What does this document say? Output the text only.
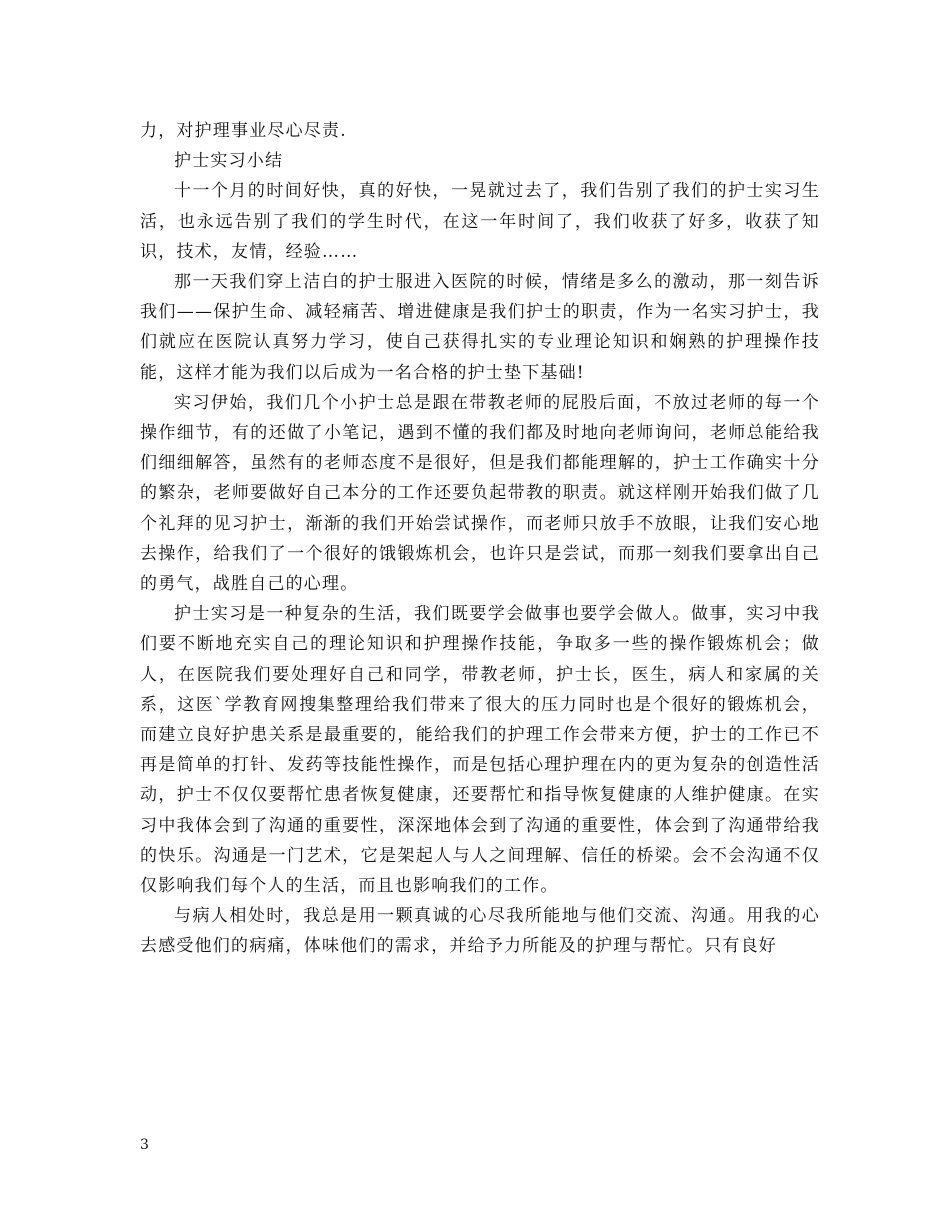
力，对护理事业尽心尽责.

护士实习小结

十一个月的时间好快，真的好快，一晃就过去了，我们告别了我们的护士实习生活，也永远告别了我们的学生时代，在这一年时间了，我们收获了好多，收获了知识，技术，友情，经验……

那一天我们穿上洁白的护士服进入医院的时候，情绪是多么的激动，那一刻告诉我们——保护生命、减轻痛苦、增进健康是我们护士的职责，作为一名实习护士，我们就应在医院认真努力学习，使自己获得扎实的专业理论知识和娴熟的护理操作技能，这样才能为我们以后成为一名合格的护士垫下基础!

实习伊始，我们几个小护士总是跟在带教老师的屁股后面，不放过老师的每一个操作细节，有的还做了小笔记，遇到不懂的我们都及时地向老师询问，老师总能给我们细细解答，虽然有的老师态度不是很好，但是我们都能理解的，护士工作确实十分的繁杂，老师要做好自己本分的工作还要负起带教的职责。就这样刚开始我们做了几个礼拜的见习护士，渐渐的我们开始尝试操作，而老师只放手不放眼，让我们安心地去操作，给我们了一个很好的饿锻炼机会，也许只是尝试，而那一刻我们要拿出自己的勇气，战胜自己的心理。

护士实习是一种复杂的生活，我们既要学会做事也要学会做人。做事，实习中我们要不断地充实自己的理论知识和护理操作技能，争取多一些的操作锻炼机会；做人，在医院我们要处理好自己和同学，带教老师，护士长，医生，病人和家属的关系，这医`学教育网搜集整理给我们带来了很大的压力同时也是个很好的锻炼机会，而建立良好护患关系是最重要的，能给我们的护理工作会带来方便，护士的工作已不再是简单的打针、发药等技能性操作，而是包括心理护理在内的更为复杂的创造性活动，护士不仅仅要帮忙患者恢复健康，还要帮忙和指导恢复健康的人维护健康。在实习中我体会到了沟通的重要性，深深地体会到了沟通的重要性，体会到了沟通带给我的快乐。沟通是一门艺术，它是架起人与人之间理解、信任的桥梁。会不会沟通不仅仅影响我们每个人的生活，而且也影响我们的工作。

与病人相处时，我总是用一颗真诚的心尽我所能地与他们交流、沟通。用我的心去感受他们的病痛，体味他们的需求，并给予力所能及的护理与帮忙。只有良好

3
